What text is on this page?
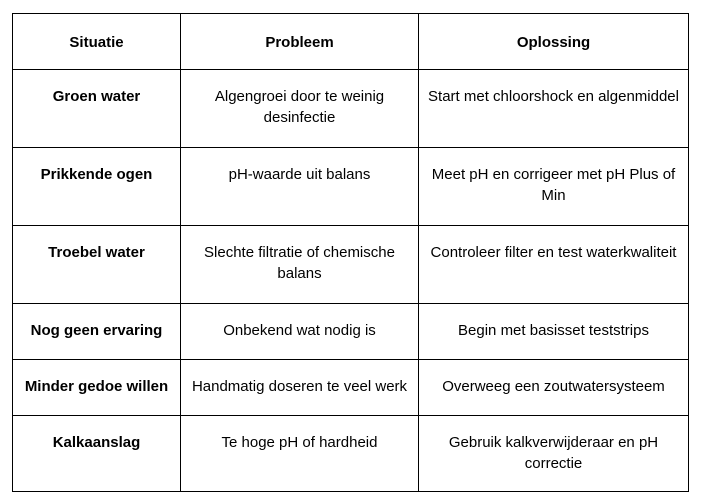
Situatie	Probleem	Oplossing
Groen water	Algengroei door te weinig desinfectie	Start met chloorshock en algenmiddel
Prikkende ogen	pH-waarde uit balans	Meet pH en corrigeer met pH Plus of Min
Troebel water	Slechte filtratie of chemische balans	Controleer filter en test waterkwaliteit
Nog geen ervaring	Onbekend wat nodig is	Begin met basisset teststrips
Minder gedoe willen	Handmatig doseren te veel werk	Overweeg een zoutwatersysteem
Kalkaanslag	Te hoge pH of hardheid	Gebruik kalkverwijderaar en pH correctie
